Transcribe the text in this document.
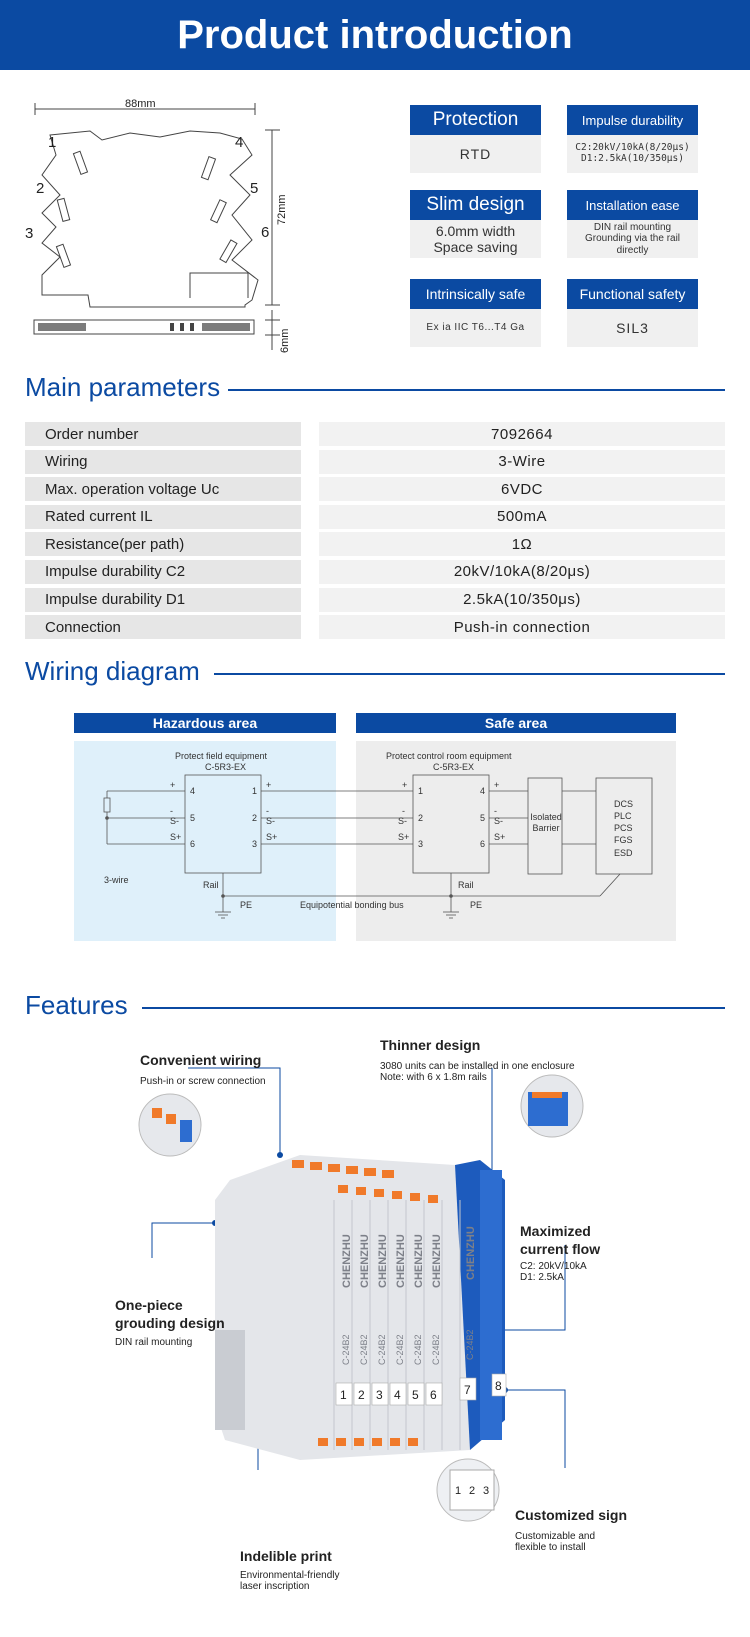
Product introduction
88mm
72mm
6mm
1
2
3
4
5
6
Protection
RTD
Impulse durability
C2:20kV/10kA(8/20μs)
D1:2.5kA(10/350μs)
Slim design
6.0mm width
Space saving
Installation ease
DIN rail mounting
Grounding via the rail
directly
Intrinsically safe
Ex ia IIC T6...T4 Ga
Functional safety
SIL3
Main parameters
Order number	7092664
Wiring	3-Wire
Max. operation voltage Uc	6VDC
Rated current IL	500mA
Resistance(per path)	1Ω
Impulse durability C2	20kV/10kA(8/20μs)
Impulse durability D1	2.5kA(10/350μs)
Connection	Push-in connection
Wiring diagram
Hazardous area	Safe area
Protect field equipment
C-5R3-EX
Protect control room equipment
C-5R3-EX
4
5
6
1
2
3
1
2
3
4
5
6
+
-
S-
S+
+
-
S-
S+
+
-
S-
S+
+
-
S-
S+
Isolated
Barrier
DCS
PLC
PCS
FGS
ESD
3-wire	Rail	Rail
PE	PE
Equipotential bonding bus
Features
CHENZHU CHENZHU CHENZHU CHENZHU CHENZHU CHENZHU CHENZHU
C-24B2 C-24B2 C-24B2 C-24B2 C-24B2 C-24B2	C-24B2
1 2 3 4 5 6 7 8
1 2 3
Convenient wiring
Push-in or screw connection
Thinner design
3080 units can be installed in one enclosure
Note: with 6 x 1.8m rails
Maximized
current flow
C2: 20kV/10kA
D1: 2.5kA
One-piece
grouding design
DIN rail mounting
Customized sign
Customizable and
flexible to install
Indelible print
Environmental-friendly
laser inscription
